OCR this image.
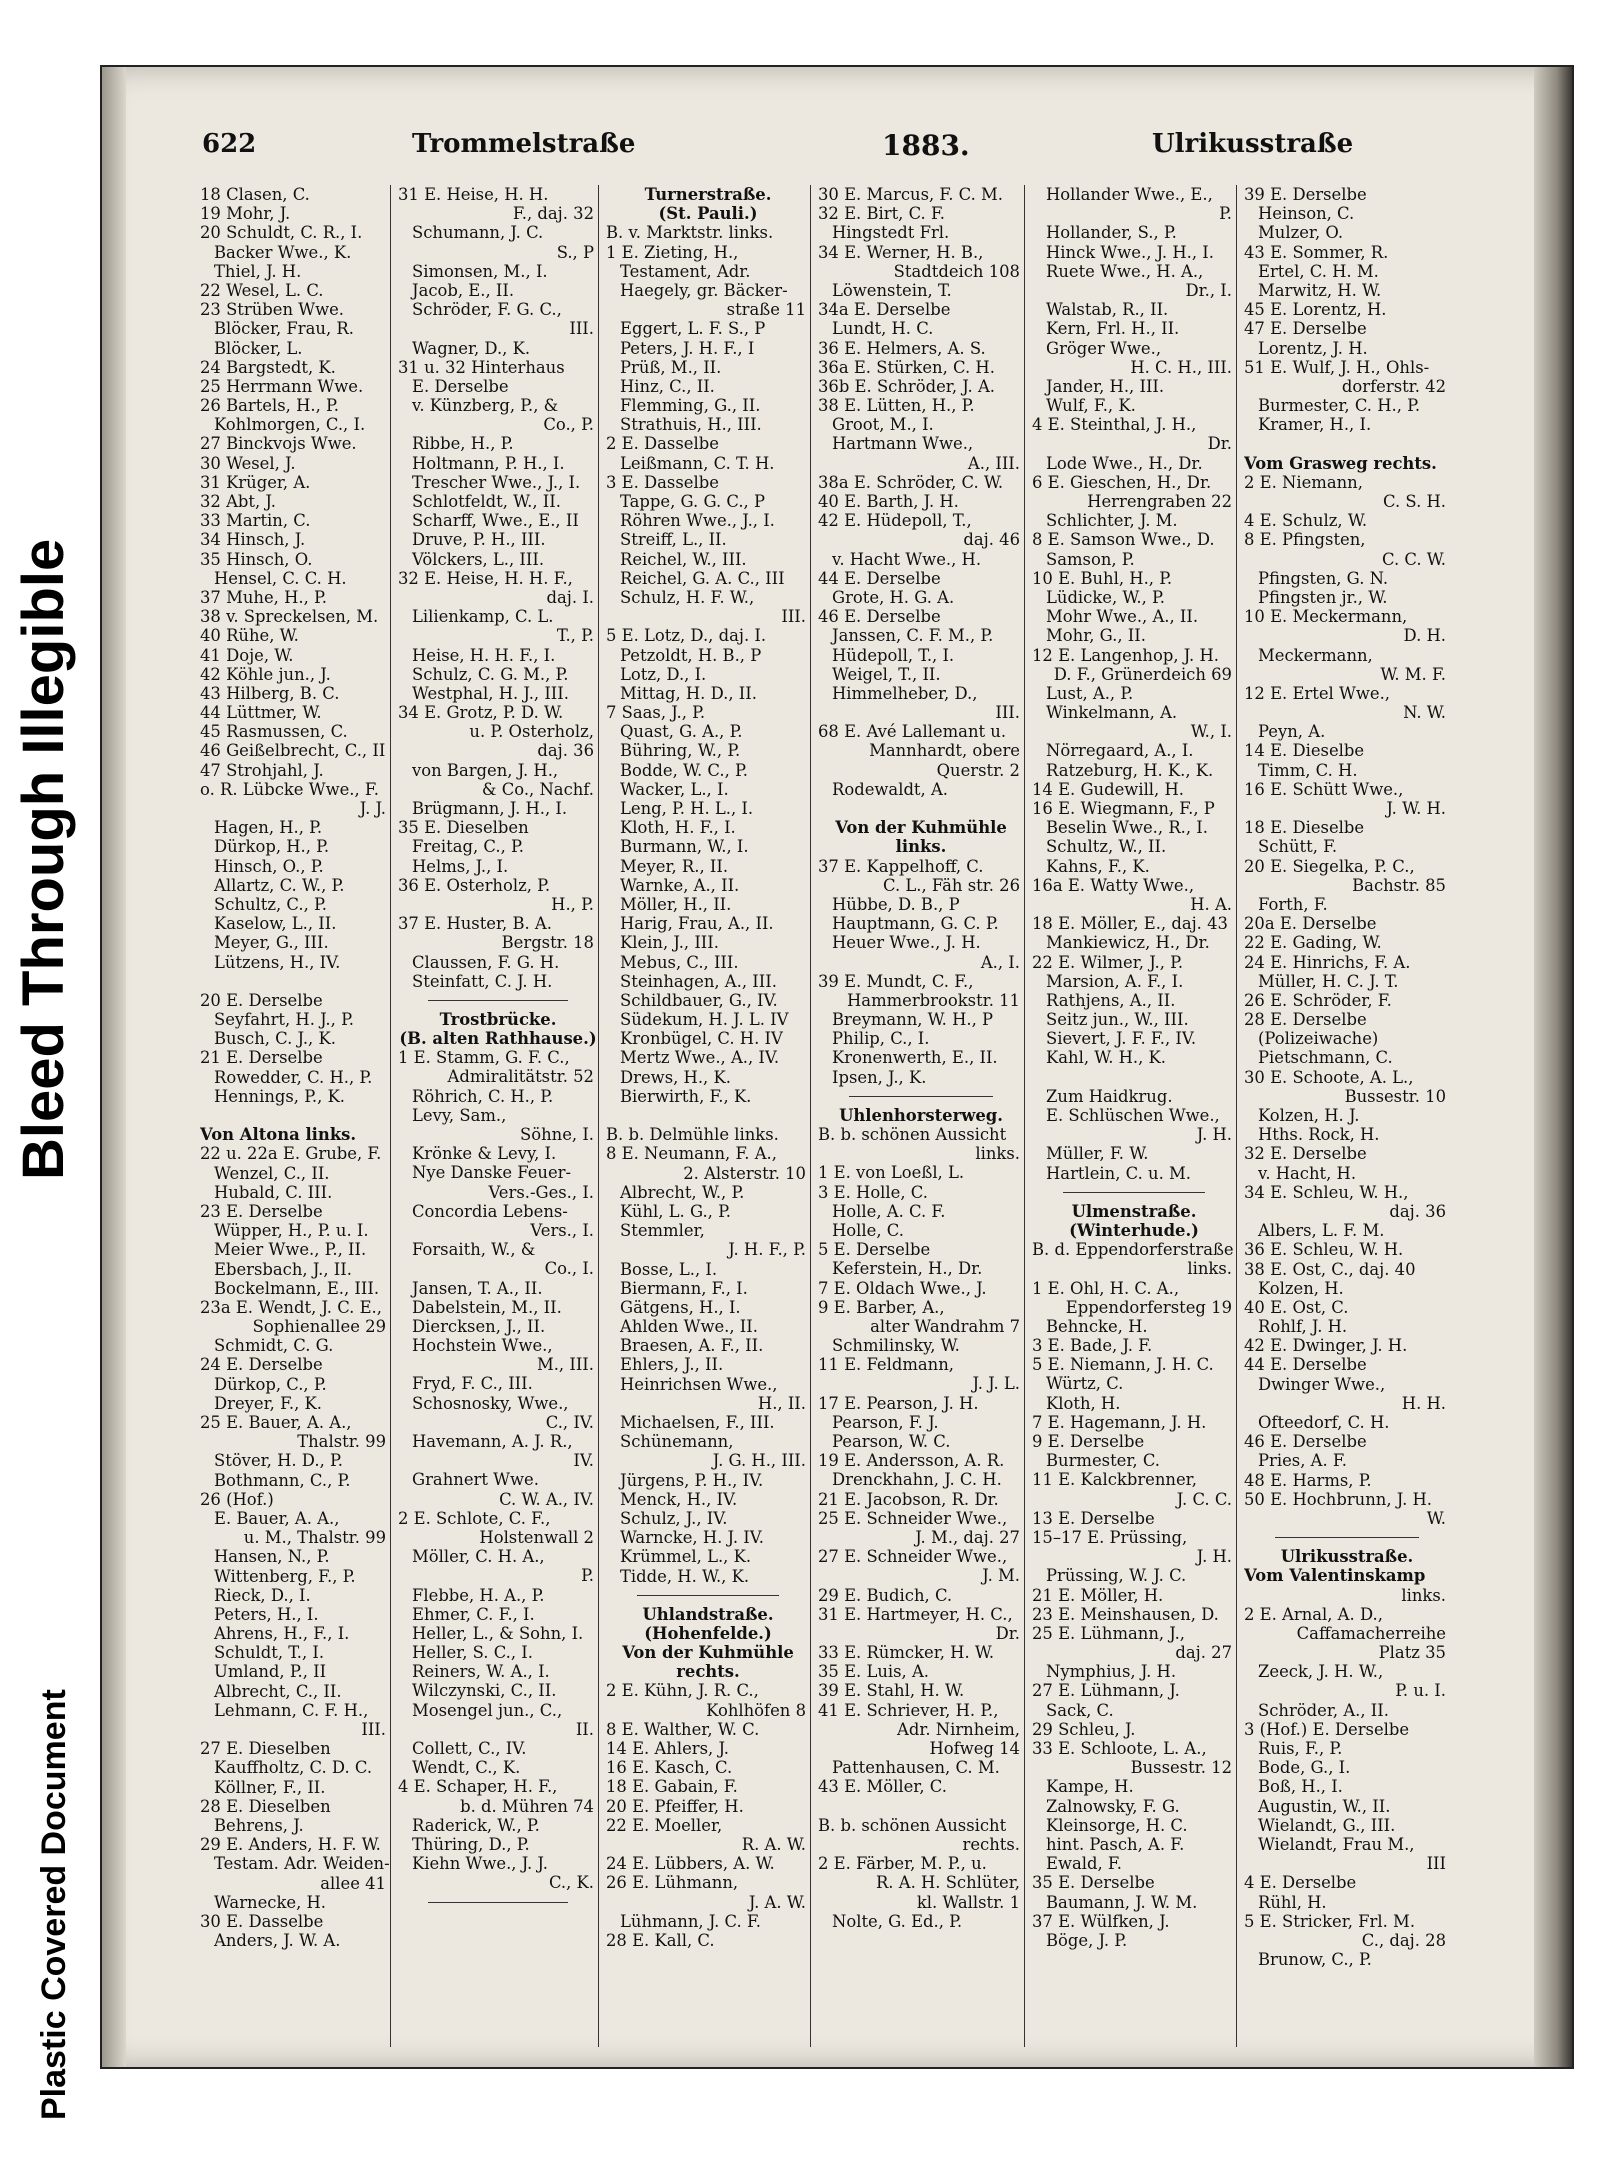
Bleed Through Illegible
Plastic Covered Document
622	Trommelstraße	1883.	Ulrikusstraße
18 Clasen, C.
19 Mohr, J.
20 Schuldt, C. R., I.
Backer Wwe., K.
Thiel, J. H.
22 Wesel, L. C.
23 Strüben Wwe.
Blöcker, Frau, R.
Blöcker, L.
24 Bargstedt, K.
25 Herrmann Wwe.
26 Bartels, H., P.
Kohlmorgen, C., I.
27 Binckvojs Wwe.
30 Wesel, J.
31 Krüger, A.
32 Abt, J.
33 Martin, C.
34 Hinsch, J.
35 Hinsch, O.
Hensel, C. C. H.
37 Muhe, H., P.
38 v. Spreckelsen, M.
40 Rühe, W.
41 Doje, W.
42 Köhle jun., J.
43 Hilberg, B. C.
44 Lüttmer, W.
45 Rasmussen, C.
46 Geißelbrecht, C., II
47 Strohjahl, J.
o. R. Lübcke Wwe., F.
J. J.
Hagen, H., P.
Dürkop, H., P.
Hinsch, O., P.
Allartz, C. W., P.
Schultz, C., P.
Kaselow, L., II.
Meyer, G., III.
Lützens, H., IV.
20 E. Derselbe
Seyfahrt, H. J., P.
Busch, C. J., K.
21 E. Derselbe
Rowedder, C. H., P.
Hennings, P., K.
Von Altona links.
22 u. 22a E. Grube, F.
Wenzel, C., II.
Hubald, C. III.
23 E. Derselbe
Wüpper, H., P. u. I.
Meier Wwe., P., II.
Ebersbach, J., II.
Bockelmann, E., III.
23a E. Wendt, J. C. E.,
Sophienallee 29
Schmidt, C. G.
24 E. Derselbe
Dürkop, C., P.
Dreyer, F., K.
25 E. Bauer, A. A.,
Thalstr. 99
Stöver, H. D., P.
Bothmann, C., P.
26 (Hof.)
E. Bauer, A. A.,
u. M., Thalstr. 99
Hansen, N., P.
Wittenberg, F., P.
Rieck, D., I.
Peters, H., I.
Ahrens, H., F., I.
Schuldt, T., I.
Umland, P., II
Albrecht, C., II.
Lehmann, C. F. H.,
III.
27 E. Dieselben
Kauffholtz, C. D. C.
Köllner, F., II.
28 E. Dieselben
Behrens, J.
29 E. Anders, H. F. W.
Testam. Adr. Weiden-
allee 41
Warnecke, H.
30 E. Dasselbe
Anders, J. W. A.
31 E. Heise, H. H.
F., daj. 32
Schumann, J. C.
S., P
Simonsen, M., I.
Jacob, E., II.
Schröder, F. G. C.,
III.
Wagner, D., K.
31 u. 32 Hinterhaus
E. Derselbe
v. Künzberg, P., &
Co., P.
Ribbe, H., P.
Holtmann, P. H., I.
Trescher Wwe., J., I.
Schlotfeldt, W., II.
Scharff, Wwe., E., II
Druve, P. H., III.
Völckers, L., III.
32 E. Heise, H. H. F.,
daj. I.
Lilienkamp, C. L.
T., P.
Heise, H. H. F., I.
Schulz, C. G. M., P.
Westphal, H. J., III.
34 E. Grotz, P. D. W.
u. P. Osterholz,
daj. 36
von Bargen, J. H.,
& Co., Nachf.
Brügmann, J. H., I.
35 E. Dieselben
Freitag, C., P.
Helms, J., I.
36 E. Osterholz, P.
H., P.
37 E. Huster, B. A.
Bergstr. 18
Claussen, F. G. H.
Steinfatt, C. J. H.
Trostbrücke.
(B. alten Rathhause.)
1 E. Stamm, G. F. C.,
Admiralitätstr. 52
Röhrich, C. H., P.
Levy, Sam.,
Söhne, I.
Krönke & Levy, I.
Nye Danske Feuer-
Vers.-Ges., I.
Concordia Lebens-
Vers., I.
Forsaith, W., &
Co., I.
Jansen, T. A., II.
Dabelstein, M., II.
Diercksen, J., II.
Hochstein Wwe.,
M., III.
Fryd, F. C., III.
Schosnosky, Wwe.,
C., IV.
Havemann, A. J. R.,
IV.
Grahnert Wwe.
C. W. A., IV.
2 E. Schlote, C. F.,
Holstenwall 2
Möller, C. H. A.,
P.
Flebbe, H. A., P.
Ehmer, C. F., I.
Heller, L., & Sohn, I.
Heller, S. C., I.
Reiners, W. A., I.
Wilczynski, C., II.
Mosengel jun., C.,
II.
Collett, C., IV.
Wendt, C., K.
4 E. Schaper, H. F.,
b. d. Mühren 74
Raderick, W., P.
Thüring, D., P.
Kiehn Wwe., J. J.
C., K.
Turnerstraße.
(St. Pauli.)
B. v. Marktstr. links.
1 E. Zieting, H.,
Testament, Adr.
Haegely, gr. Bäcker-
straße 11
Eggert, L. F. S., P
Peters, J. H. F., I
Prüß, M., II.
Hinz, C., II.
Flemming, G., II.
Strathuis, H., III.
2 E. Dasselbe
Leißmann, C. T. H.
3 E. Dasselbe
Tappe, G. G. C., P
Röhren Wwe., J., I.
Streiff, L., II.
Reichel, W., III.
Reichel, G. A. C., III
Schulz, H. F. W.,
III.
5 E. Lotz, D., daj. I.
Petzoldt, H. B., P
Lotz, D., I.
Mittag, H. D., II.
7 Saas, J., P.
Quast, G. A., P.
Bühring, W., P.
Bodde, W. C., P.
Wacker, L., I.
Leng, P. H. L., I.
Kloth, H. F., I.
Burmann, W., I.
Meyer, R., II.
Warnke, A., II.
Möller, H., II.
Harig, Frau, A., II.
Klein, J., III.
Mebus, C., III.
Steinhagen, A., III.
Schildbauer, G., IV.
Südekum, H. J. L. IV
Kronbügel, C. H. IV
Mertz Wwe., A., IV.
Drews, H., K.
Bierwirth, F., K.
B. b. Delmühle links.
8 E. Neumann, F. A.,
2. Alsterstr. 10
Albrecht, W., P.
Kühl, L. G., P.
Stemmler,
J. H. F., P.
Bosse, L., I.
Biermann, F., I.
Gätgens, H., I.
Ahlden Wwe., II.
Braesen, A. F., II.
Ehlers, J., II.
Heinrichsen Wwe.,
H., II.
Michaelsen, F., III.
Schünemann,
J. G. H., III.
Jürgens, P. H., IV.
Menck, H., IV.
Schulz, J., IV.
Warncke, H. J. IV.
Krümmel, L., K.
Tidde, H. W., K.
Uhlandstraße.
(Hohenfelde.)
Von der Kuhmühle
rechts.
2 E. Kühn, J. R. C.,
Kohlhöfen 8
8 E. Walther, W. C.
14 E. Ahlers, J.
16 E. Kasch, C.
18 E. Gabain, F.
20 E. Pfeiffer, H.
22 E. Moeller,
R. A. W.
24 E. Lübbers, A. W.
26 E. Lühmann,
J. A. W.
Lühmann, J. C. F.
28 E. Kall, C.
30 E. Marcus, F. C. M.
32 E. Birt, C. F.
Hingstedt Frl.
34 E. Werner, H. B.,
Stadtdeich 108
Löwenstein, T.
34a E. Derselbe
Lundt, H. C.
36 E. Helmers, A. S.
36a E. Stürken, C. H.
36b E. Schröder, J. A.
38 E. Lütten, H., P.
Groot, M., I.
Hartmann Wwe.,
A., III.
38a E. Schröder, C. W.
40 E. Barth, J. H.
42 E. Hüdepoll, T.,
daj. 46
v. Hacht Wwe., H.
44 E. Derselbe
Grote, H. G. A.
46 E. Derselbe
Janssen, C. F. M., P.
Hüdepoll, T., I.
Weigel, T., II.
Himmelheber, D.,
III.
68 E. Avé Lallemant u.
Mannhardt, obere
Querstr. 2
Rodewaldt, A.
Von der Kuhmühle
links.
37 E. Kappelhoff, C.
C. L., Fäh str. 26
Hübbe, D. B., P
Hauptmann, G. C. P.
Heuer Wwe., J. H.
A., I.
39 E. Mundt, C. F.,
Hammerbrookstr. 11
Breymann, W. H., P
Philip, C., I.
Kronenwerth, E., II.
Ipsen, J., K.
Uhlenhorsterweg.
B. b. schönen Aussicht
links.
1 E. von Loeßl, L.
3 E. Holle, C.
Holle, A. C. F.
Holle, C.
5 E. Derselbe
Keferstein, H., Dr.
7 E. Oldach Wwe., J.
9 E. Barber, A.,
alter Wandrahm 7
Schmilinsky, W.
11 E. Feldmann,
J. J. L.
17 E. Pearson, J. H.
Pearson, F. J.
Pearson, W. C.
19 E. Andersson, A. R.
Drenckhahn, J. C. H.
21 E. Jacobson, R. Dr.
25 E. Schneider Wwe.,
J. M., daj. 27
27 E. Schneider Wwe.,
J. M.
29 E. Budich, C.
31 E. Hartmeyer, H. C.,
Dr.
33 E. Rümcker, H. W.
35 E. Luis, A.
39 E. Stahl, H. W.
41 E. Schriever, H. P.,
Adr. Nirnheim,
Hofweg 14
Pattenhausen, C. M.
43 E. Möller, C.
B. b. schönen Aussicht
rechts.
2 E. Färber, M. P., u.
R. A. H. Schlüter,
kl. Wallstr. 1
Nolte, G. Ed., P.
Hollander Wwe., E.,
P.
Hollander, S., P.
Hinck Wwe., J. H., I.
Ruete Wwe., H. A.,
Dr., I.
Walstab, R., II.
Kern, Frl. H., II.
Gröger Wwe.,
H. C. H., III.
Jander, H., III.
Wulf, F., K.
4 E. Steinthal, J. H.,
Dr.
Lode Wwe., H., Dr.
6 E. Gieschen, H., Dr.
Herrengraben 22
Schlichter, J. M.
8 E. Samson Wwe., D.
Samson, P.
10 E. Buhl, H., P.
Lüdicke, W., P.
Mohr Wwe., A., II.
Mohr, G., II.
12 E. Langenhop, J. H.
D. F., Grünerdeich 69
Lust, A., P.
Winkelmann, A.
W., I.
Nörregaard, A., I.
Ratzeburg, H. K., K.
14 E. Gudewill, H.
16 E. Wiegmann, F., P
Beselin Wwe., R., I.
Schultz, W., II.
Kahns, F., K.
16a E. Watty Wwe.,
H. A.
18 E. Möller, E., daj. 43
Mankiewicz, H., Dr.
22 E. Wilmer, J., P.
Marsion, A. F., I.
Rathjens, A., II.
Seitz jun., W., III.
Sievert, J. F. F., IV.
Kahl, W. H., K.
Zum Haidkrug.
E. Schlüschen Wwe.,
J. H.
Müller, F. W.
Hartlein, C. u. M.
Ulmenstraße.
(Winterhude.)
B. d. Eppendorferstraße
links.
1 E. Ohl, H. C. A.,
Eppendorfersteg 19
Behncke, H.
3 E. Bade, J. F.
5 E. Niemann, J. H. C.
Würtz, C.
Kloth, H.
7 E. Hagemann, J. H.
9 E. Derselbe
Burmester, C.
11 E. Kalckbrenner,
J. C. C.
13 E. Derselbe
15–17 E. Prüssing,
J. H.
Prüssing, W. J. C.
21 E. Möller, H.
23 E. Meinshausen, D.
25 E. Lühmann, J.,
daj. 27
Nymphius, J. H.
27 E. Lühmann, J.
Sack, C.
29 Schleu, J.
33 E. Schloote, L. A.,
Bussestr. 12
Kampe, H.
Zalnowsky, F. G.
Kleinsorge, H. C.
hint. Pasch, A. F.
Ewald, F.
35 E. Derselbe
Baumann, J. W. M.
37 E. Wülfken, J.
Böge, J. P.
39 E. Derselbe
Heinson, C.
Mulzer, O.
43 E. Sommer, R.
Ertel, C. H. M.
Marwitz, H. W.
45 E. Lorentz, H.
47 E. Derselbe
Lorentz, J. H.
51 E. Wulf, J. H., Ohls-
dorferstr. 42
Burmester, C. H., P.
Kramer, H., I.
Vom Grasweg rechts.
2 E. Niemann,
C. S. H.
4 E. Schulz, W.
8 E. Pfingsten,
C. C. W.
Pfingsten, G. N.
Pfingsten jr., W.
10 E. Meckermann,
D. H.
Meckermann,
W. M. F.
12 E. Ertel Wwe.,
N. W.
Peyn, A.
14 E. Dieselbe
Timm, C. H.
16 E. Schütt Wwe.,
J. W. H.
18 E. Dieselbe
Schütt, F.
20 E. Siegelka, P. C.,
Bachstr. 85
Forth, F.
20a E. Derselbe
22 E. Gading, W.
24 E. Hinrichs, F. A.
Müller, H. C. J. T.
26 E. Schröder, F.
28 E. Derselbe
(Polizeiwache)
Pietschmann, C.
30 E. Schoote, A. L.,
Bussestr. 10
Kolzen, H. J.
Hths. Rock, H.
32 E. Derselbe
v. Hacht, H.
34 E. Schleu, W. H.,
daj. 36
Albers, L. F. M.
36 E. Schleu, W. H.
38 E. Ost, C., daj. 40
Kolzen, H.
40 E. Ost, C.
Rohlf, J. H.
42 E. Dwinger, J. H.
44 E. Derselbe
Dwinger Wwe.,
H. H.
Ofteedorf, C. H.
46 E. Derselbe
Pries, A. F.
48 E. Harms, P.
50 E. Hochbrunn, J. H.
W.
Ulrikusstraße.
Vom Valentinskamp
links.
2 E. Arnal, A. D.,
Caffamacherreihe
Platz 35
Zeeck, J. H. W.,
P. u. I.
Schröder, A., II.
3 (Hof.) E. Derselbe
Ruis, F., P.
Bode, G., I.
Boß, H., I.
Augustin, W., II.
Wielandt, G., III.
Wielandt, Frau M.,
III
4 E. Derselbe
Rühl, H.
5 E. Stricker, Frl. M.
C., daj. 28
Brunow, C., P.
